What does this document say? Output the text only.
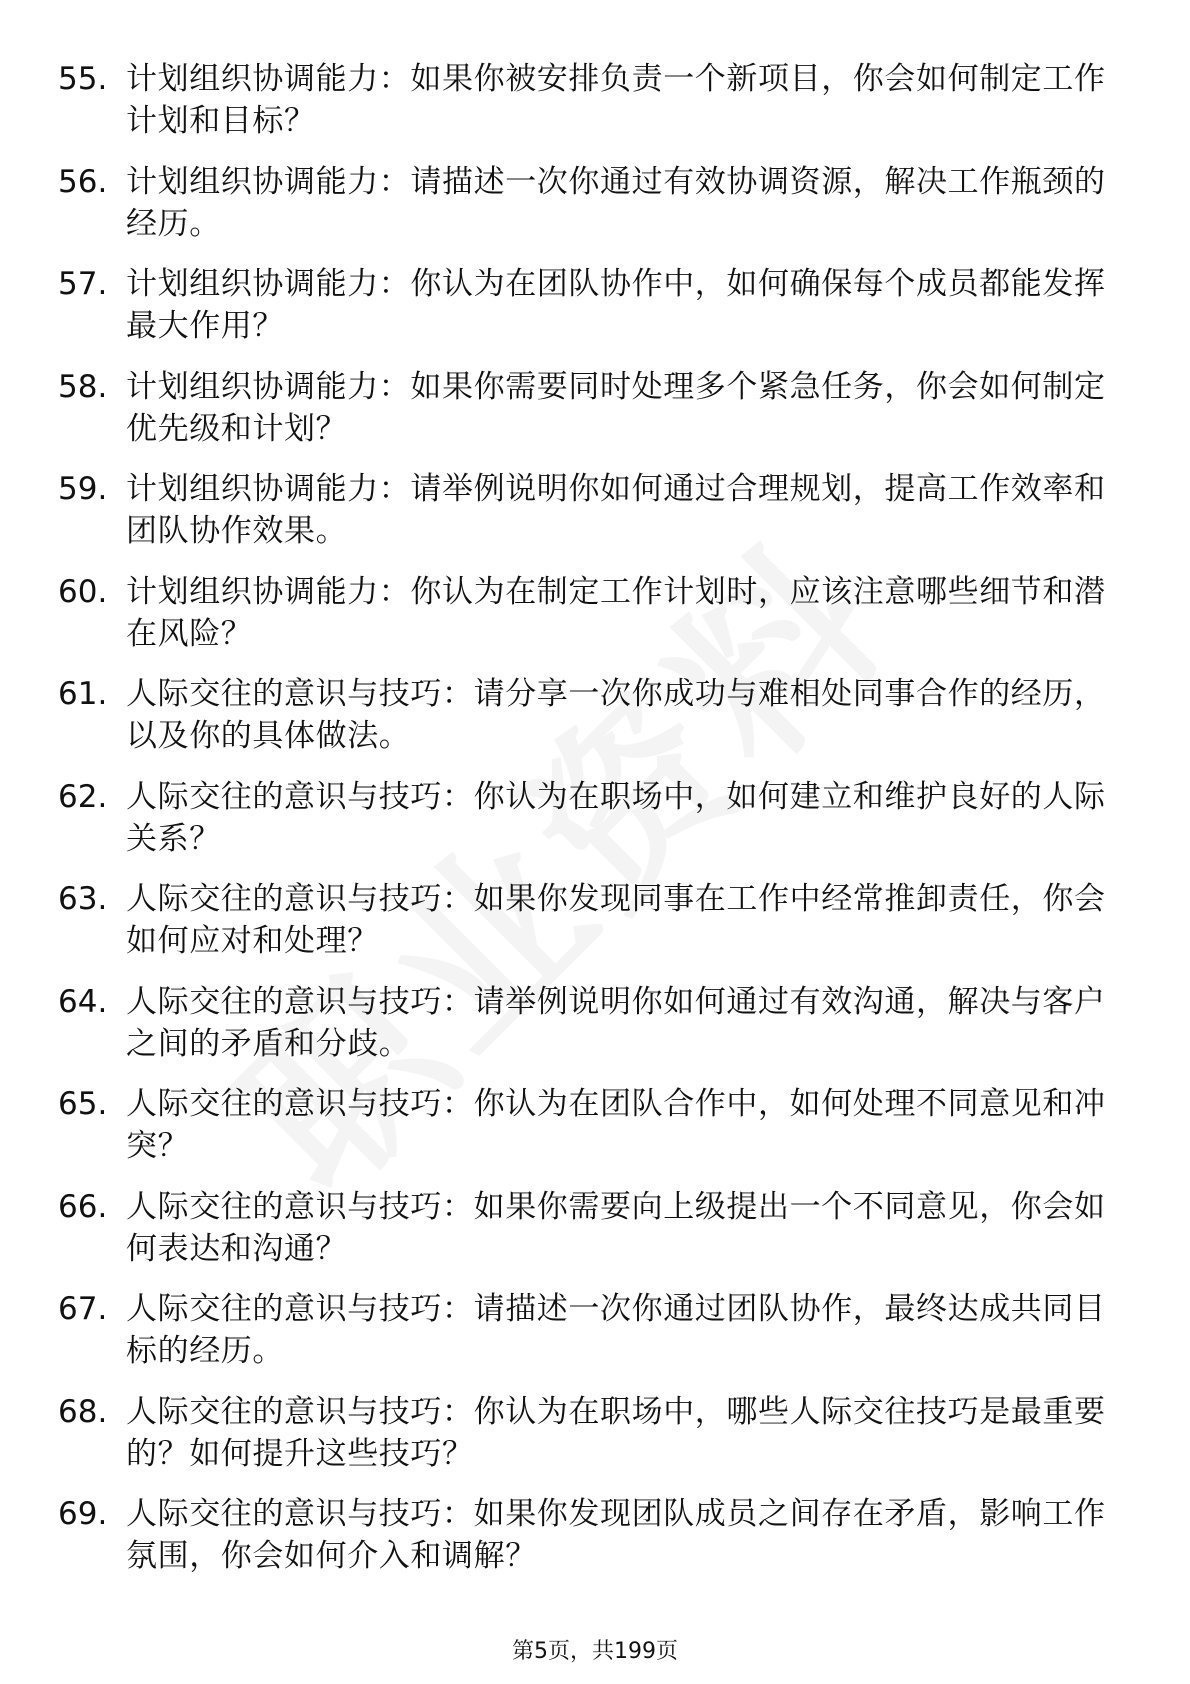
55. 计划组织协调能力：如果你被安排负责一个新项目，你会如何制定工作计划和目标？
56. 计划组织协调能力：请描述一次你通过有效协调资源，解决工作瓶颈的经历。
57. 计划组织协调能力：你认为在团队协作中，如何确保每个成员都能发挥最大作用？
58. 计划组织协调能力：如果你需要同时处理多个紧急任务，你会如何制定优先级和计划？
59. 计划组织协调能力：请举例说明你如何通过合理规划，提高工作效率和团队协作效果。
60. 计划组织协调能力：你认为在制定工作计划时，应该注意哪些细节和潜在风险？
61. 人际交往的意识与技巧：请分享一次你成功与难相处同事合作的经历，以及你的具体做法。
62. 人际交往的意识与技巧：你认为在职场中，如何建立和维护良好的人际关系？
63. 人际交往的意识与技巧：如果你发现同事在工作中经常推卸责任，你会如何应对和处理？
64. 人际交往的意识与技巧：请举例说明你如何通过有效沟通，解决与客户之间的矛盾和分歧。
65. 人际交往的意识与技巧：你认为在团队合作中，如何处理不同意见和冲突？
66. 人际交往的意识与技巧：如果你需要向上级提出一个不同意见，你会如何表达和沟通？
67. 人际交往的意识与技巧：请描述一次你通过团队协作，最终达成共同目标的经历。
68. 人际交往的意识与技巧：你认为在职场中，哪些人际交往技巧是最重要的？如何提升这些技巧？
69. 人际交往的意识与技巧：如果你发现团队成员之间存在矛盾，影响工作氛围，你会如何介入和调解？
第5页，共199页
